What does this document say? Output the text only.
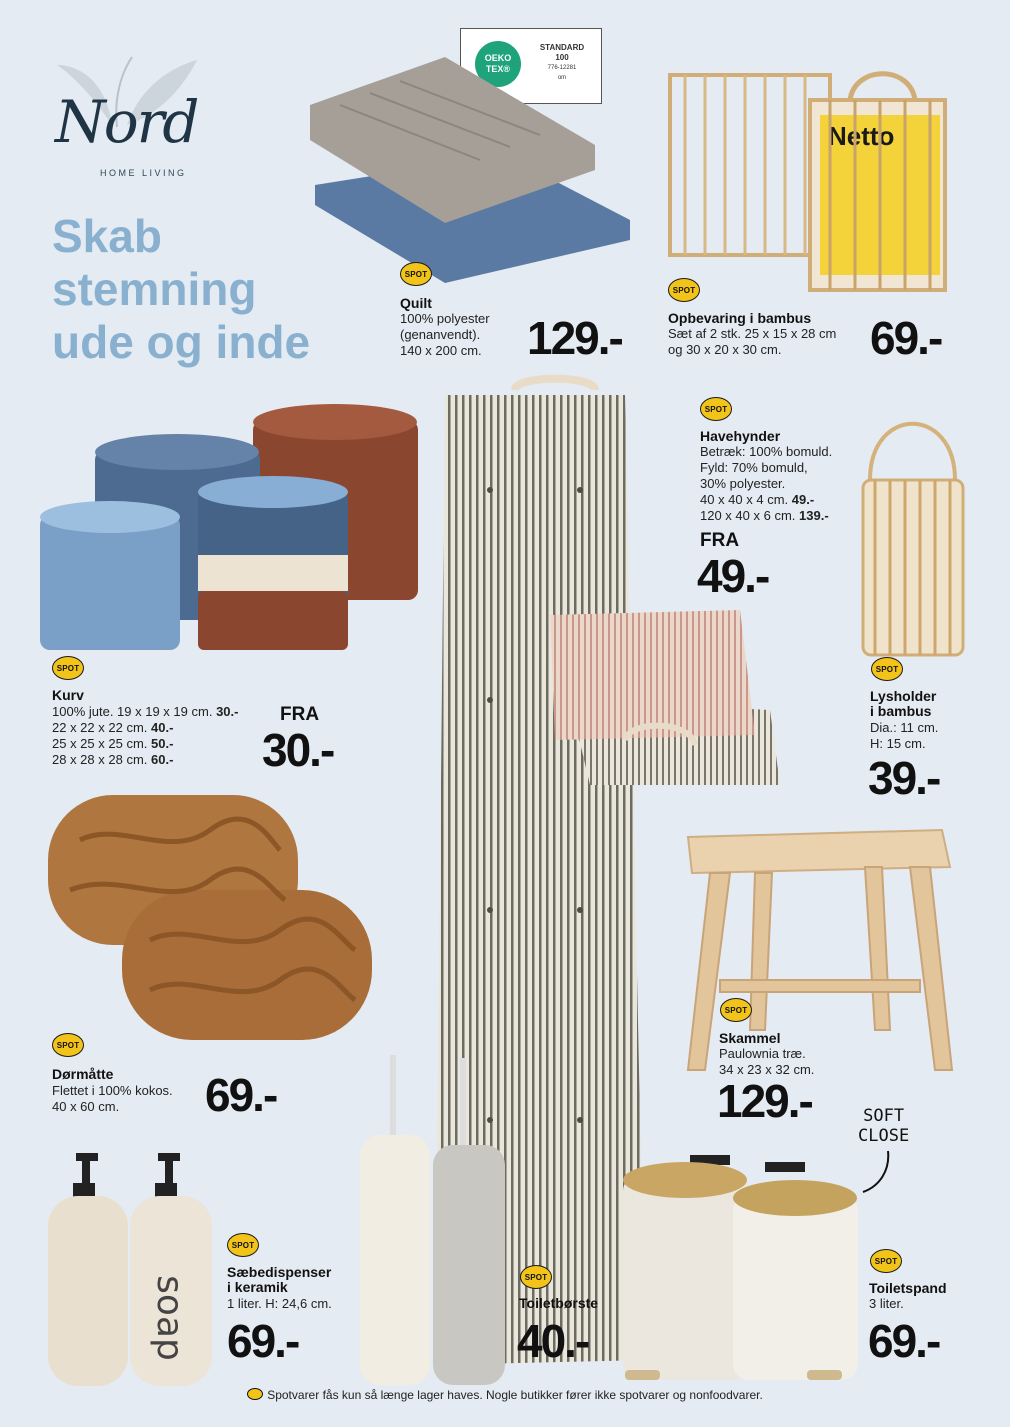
Nord
HOME LIVING
Skab
stemning
ude og inde
OEKO
TEX®
STANDARD
100
776-12281
om
Netto
SPOT
Quilt
100% polyester
(genanvendt).
140 x 200 cm. 129.-
SPOT
Opbevaring i bambus
Sæt af 2 stk. 25 x 15 x 28 cm
og 30 x 20 x 30 cm.	69.-
SPOT
Havehynder
Betræk: 100% bomuld.
Fyld: 70% bomuld,
30% polyester.
40 x 40 x 4 cm. 49.-
120 x 40 x 6 cm. 139.-
FRA
49.-
SPOT
Lysholder
i bambus
Dia.: 11 cm.
H: 15 cm.
39.-
SPOT
Kurv
100% jute. 19 x 19 x 19 cm. 30.-
22 x 22 x 22 cm. 40.-
25 x 25 x 25 cm. 50.-
28 x 28 x 28 cm. 60.-
FRA
30.-
SPOT
Dørmåtte
Flettet i 100% kokos.
40 x 60 cm.	69.-
SPOT
Skammel
Paulownia træ.
34 x 23 x 32 cm.
129.-	SOFT
CLOSE
soap
SPOT
Sæbedispenser
i keramik
1 liter. H: 24,6 cm.
69.-
SPOT
Toiletbørste
40.-
SPOT
Toiletspand
3 liter.
69.-
Spotvarer fås kun så længe lager haves. Nogle butikker fører ikke spotvarer og nonfoodvarer.
